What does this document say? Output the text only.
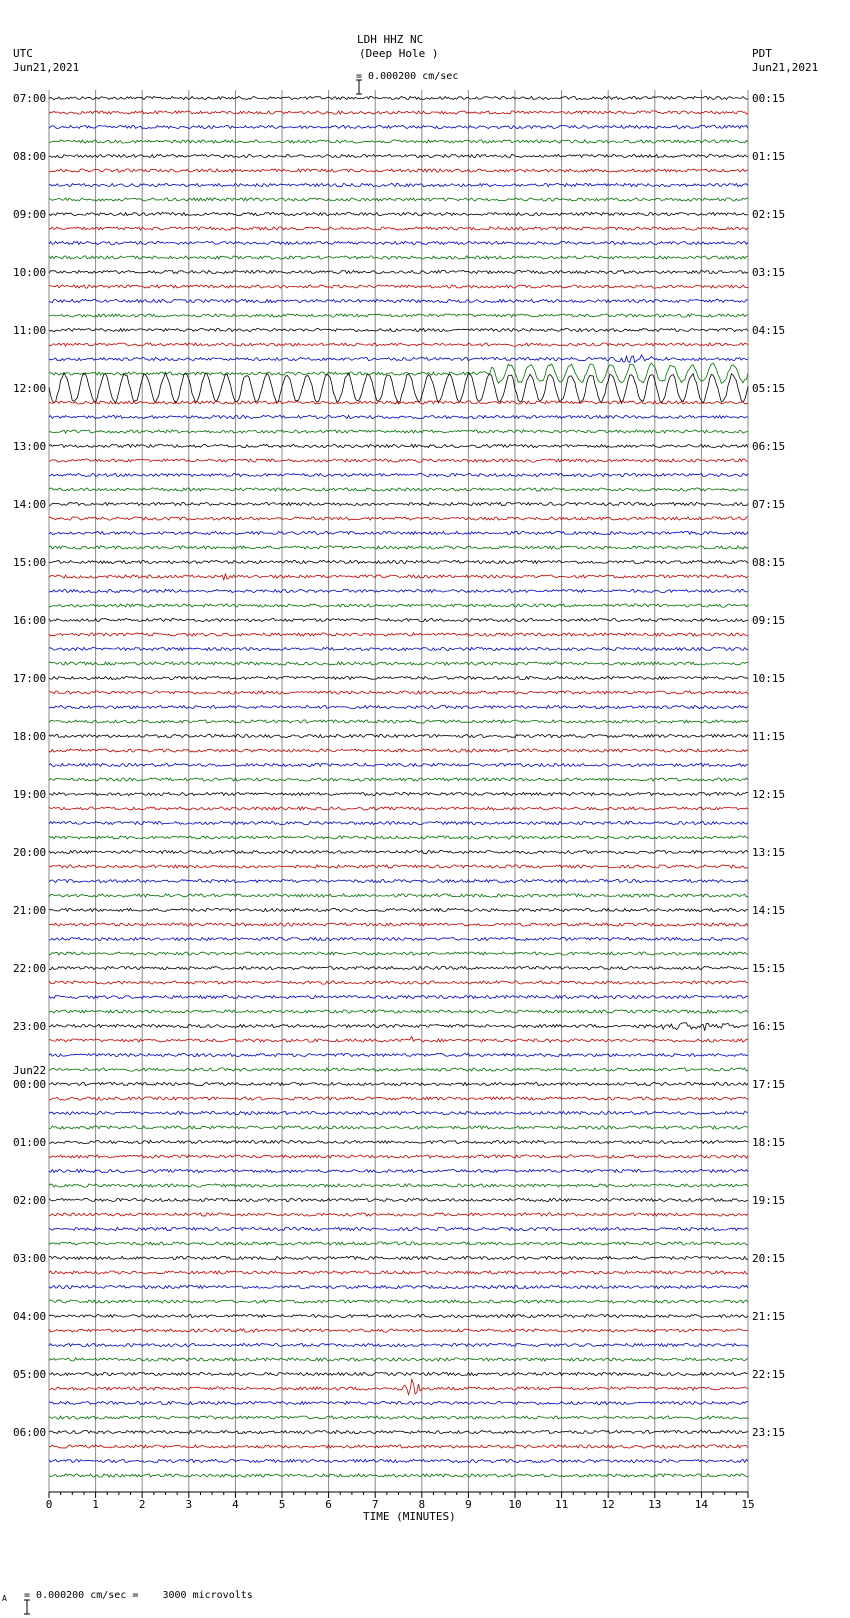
0	1	2	3	4	5	6	7	8	9	10	11	12	13	14	15
07:00	00:15
08:00	01:15
09:00	02:15
10:00	03:15
11:00	04:15
12:00	05:15
13:00	06:15
14:00	07:15
15:00	08:15
16:00	09:15
17:00	10:15
18:00	11:15
19:00	12:15
20:00	13:15
21:00	14:15
22:00	15:15
23:00	16:15
00:00	17:15
Jun22
01:00	18:15
02:00	19:15
03:00	20:15
04:00	21:15
05:00	22:15
06:00	23:15
LDH HHZ NC
(Deep Hole )

= 0.000200 cm/sec
UTC
Jun21,2021
PDT
Jun21,2021
TIME (MINUTES)
A

= 0.000200 cm/sec =    3000 microvolts
